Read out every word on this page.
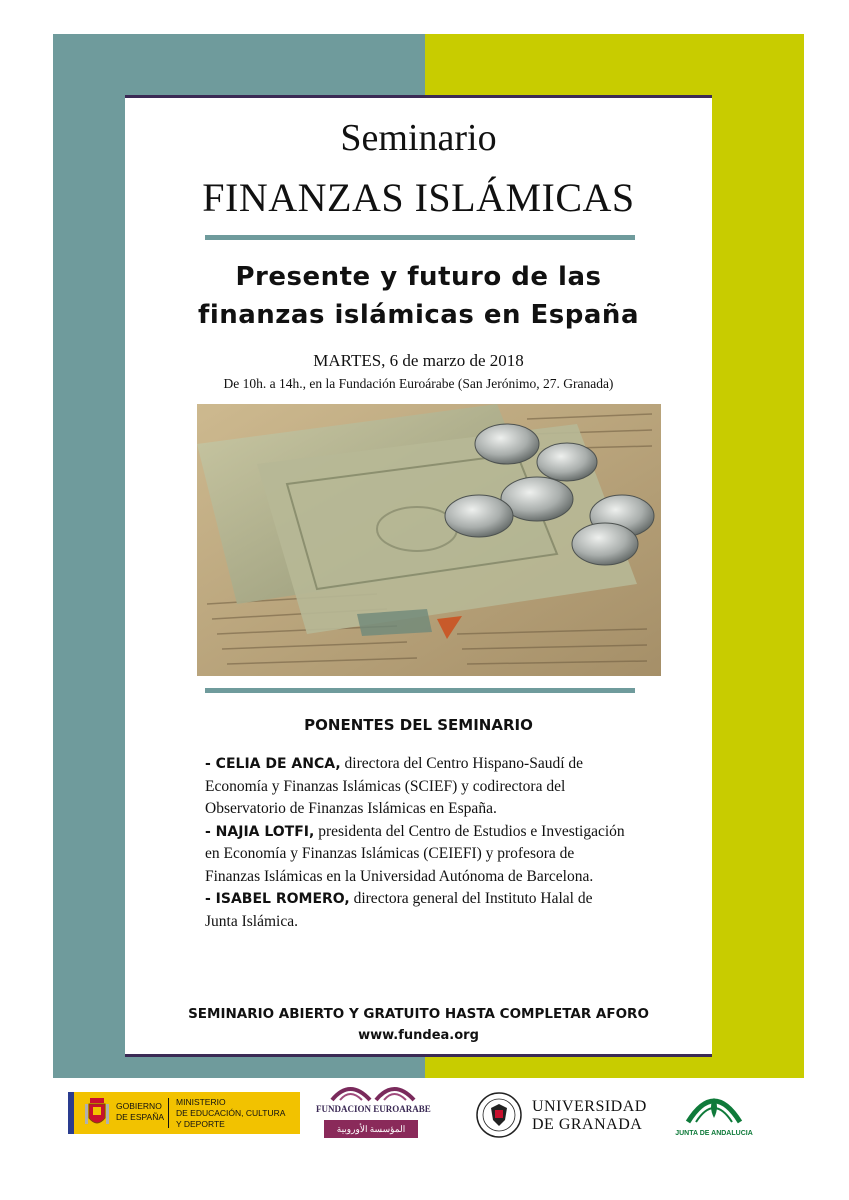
Seminario
FINANZAS ISLÁMICAS
Presente y futuro de las
finanzas islámicas en España
MARTES, 6 de marzo de 2018
De 10h. a 14h., en la Fundación Euroárabe (San Jerónimo, 27. Granada)
PONENTES DEL SEMINARIO

- CELIA DE ANCA, directora del Centro Hispano-Saudí de Economía y Finanzas Islámicas (SCIEF) y codirectora del Observatorio de Finanzas Islámicas en España.

- NAJIA LOTFI, presidenta del Centro de Estudios e Investigación en Economía y Finanzas Islámicas (CEIEFI) y profesora de Finanzas Islámicas en la Universidad Autónoma de Barcelona.

- ISABEL ROMERO, directora general del Instituto Halal de Junta Islámica.

SEMINARIO ABIERTO Y GRATUITO HASTA COMPLETAR AFORO
www.fundea.org
GOBIERNO
DE ESPAÑA
MINISTERIO
DE EDUCACIÓN, CULTURA
Y DEPORTE
FUNDACION EUROARABE
المؤسسة الأوروبية العربية
UNIVERSIDAD
DE GRANADA
JUNTA DE ANDALUCIA
